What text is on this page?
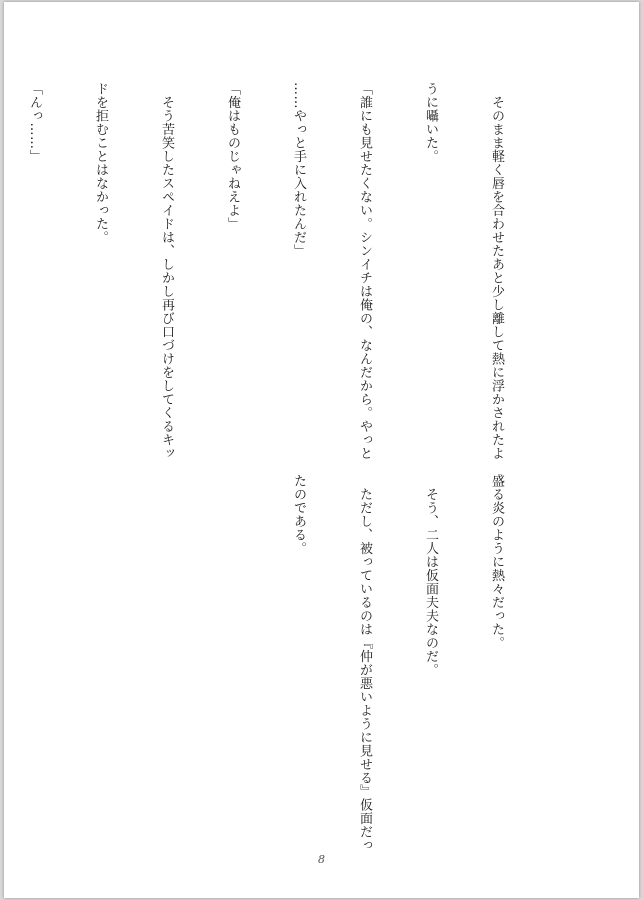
　そのまま軽く唇を合わせたあと少し離して熱に浮かされたよ

うに囁いた。

「誰にも見せたくない。シンイチは俺の、なんだから。やっと

……やっと手に入れたんだ」

「俺はものじゃねえよ」

　そう苦笑したスペイドは、しかし再び口づけをしてくるキッ

ドを拒むことはなかった。

「んっ……」

盛る炎のように熱々だった。

　そう、二人は仮面夫夫なのだ。

　ただし、被っているのは『仲が悪いように見せる』仮面だっ

たのである。

8
